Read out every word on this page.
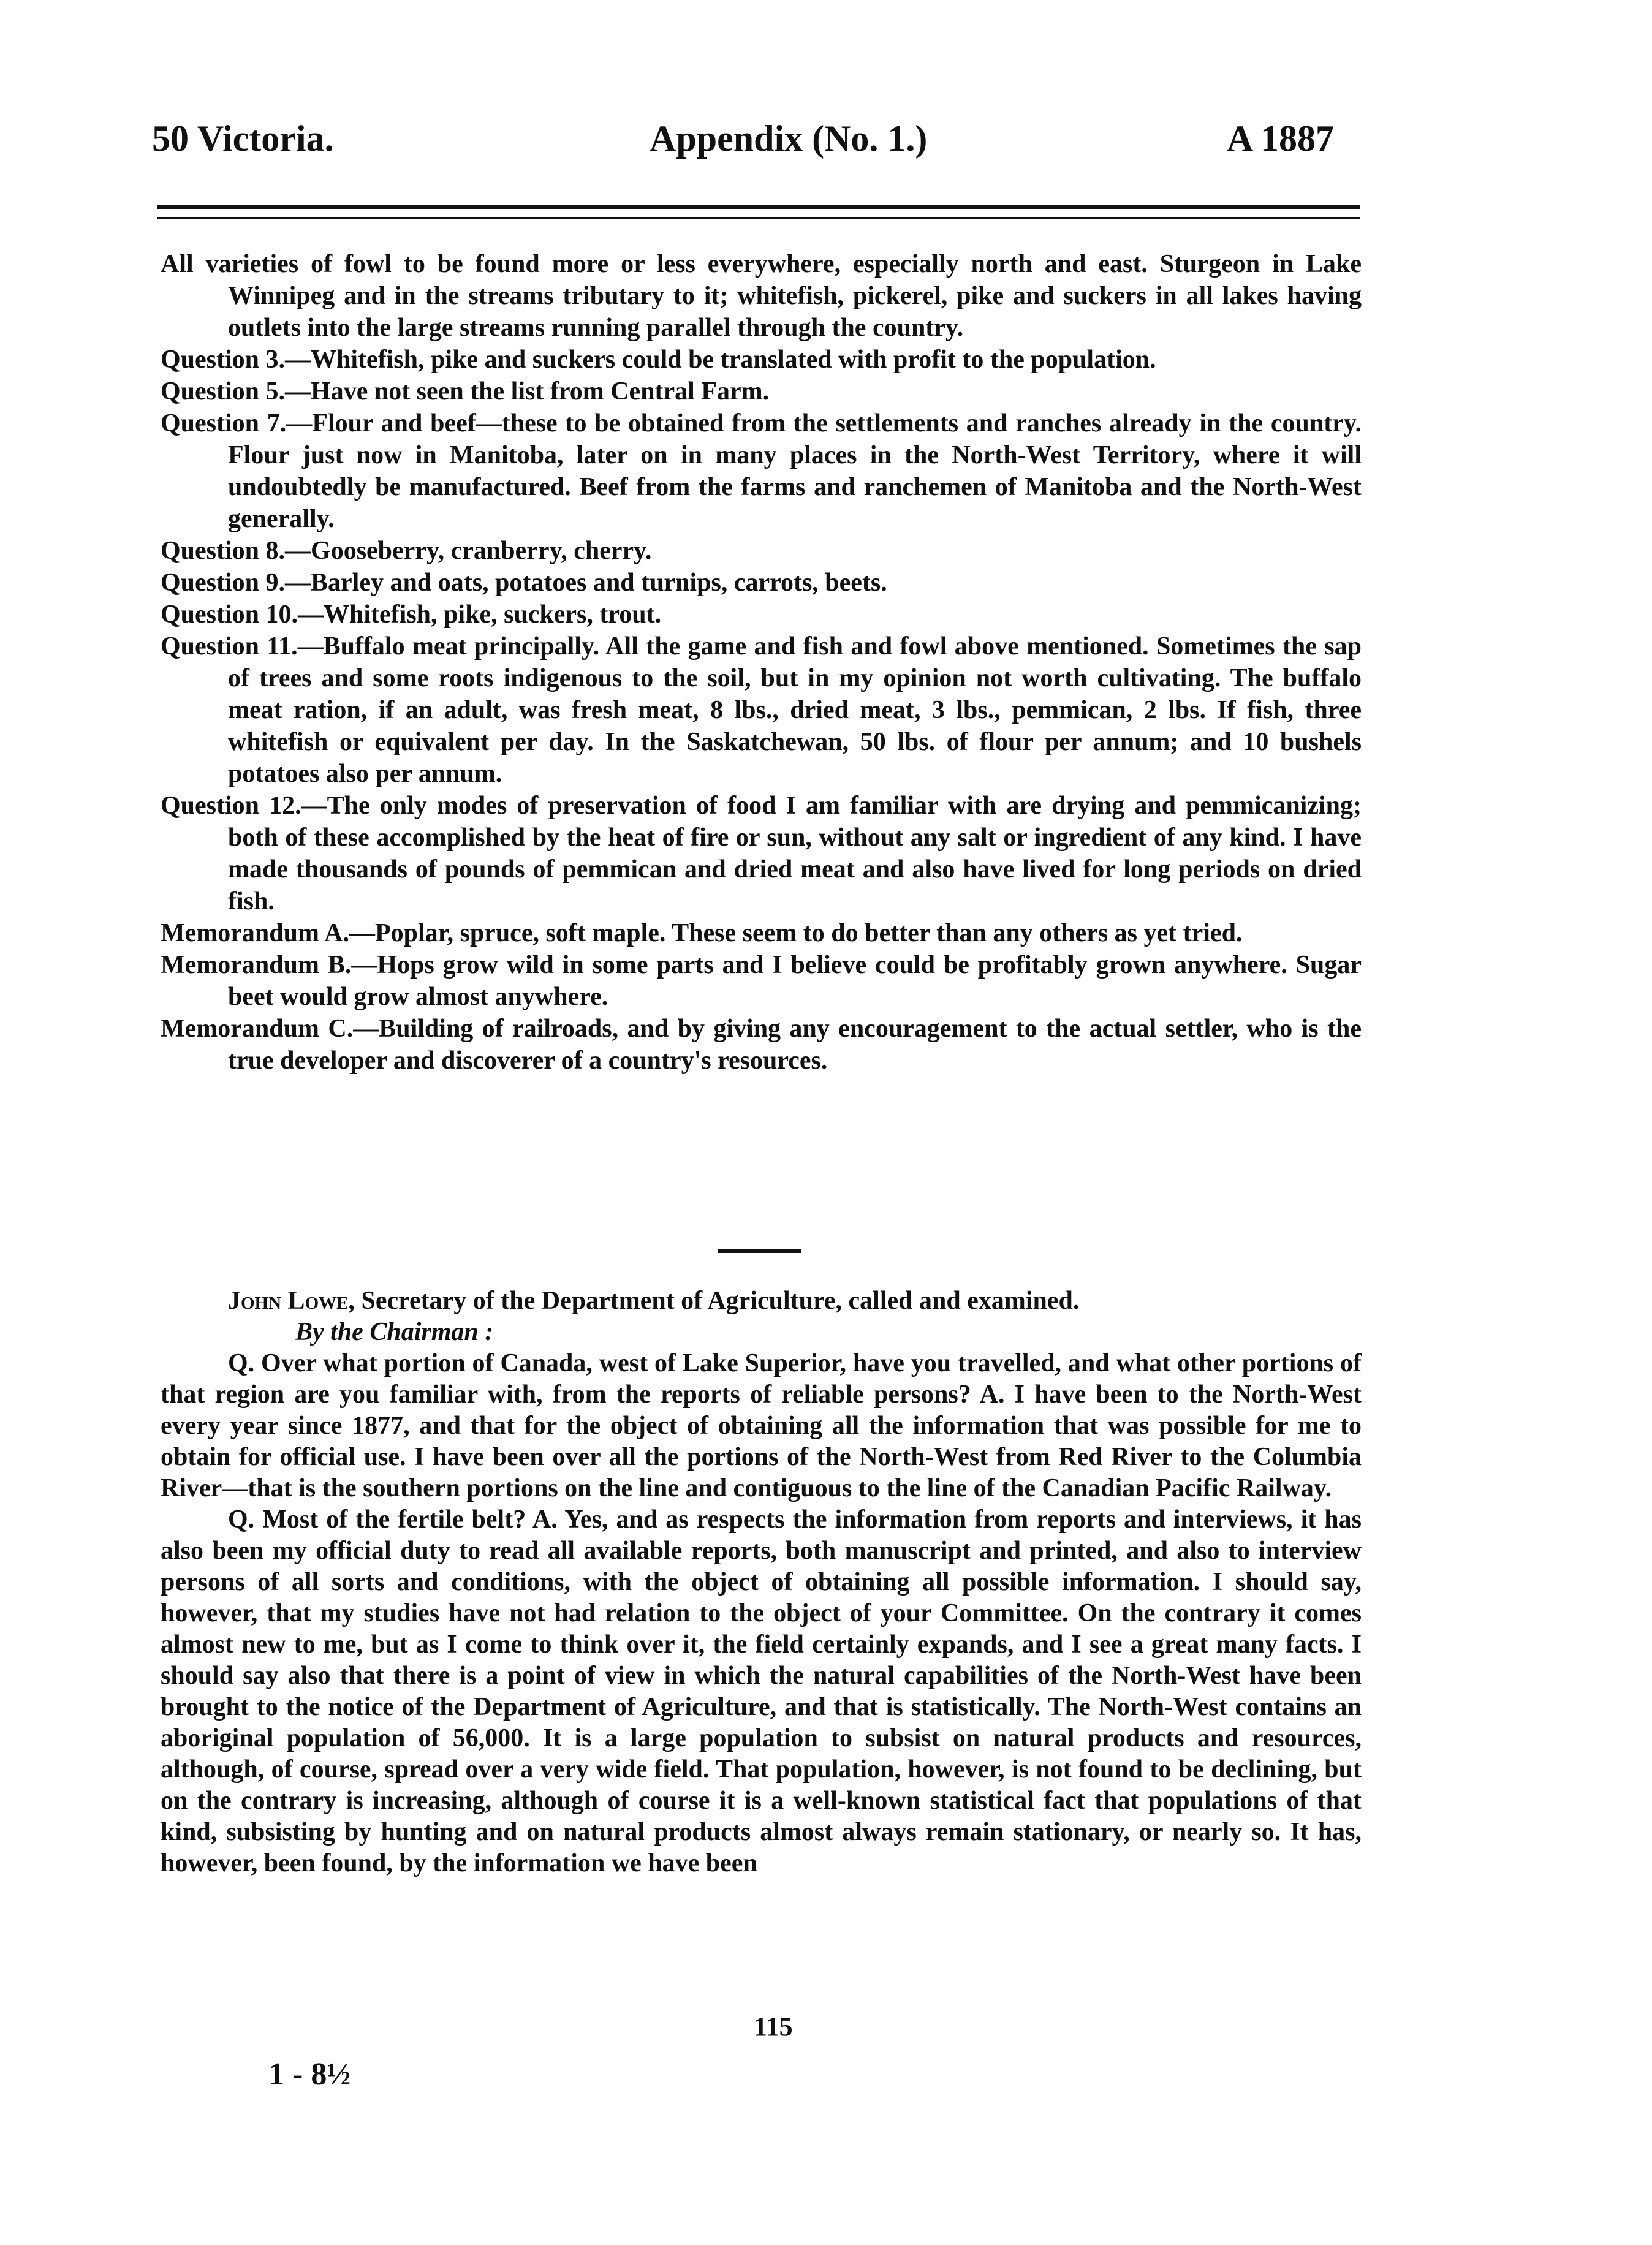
50 Victoria.	Appendix (No. 1.)	A 1887

All varieties of fowl to be found more or less everywhere, especially north and east. Sturgeon in Lake Winnipeg and in the streams tributary to it; whitefish, pickerel, pike and suckers in all lakes having outlets into the large streams running parallel through the country.

Question 3.—Whitefish, pike and suckers could be translated with profit to the population.

Question 5.—Have not seen the list from Central Farm.

Question 7.—Flour and beef—these to be obtained from the settlements and ranches already in the country. Flour just now in Manitoba, later on in many places in the North-West Territory, where it will undoubtedly be manufactured. Beef from the farms and ranchemen of Manitoba and the North-West generally.

Question 8.—Gooseberry, cranberry, cherry.

Question 9.—Barley and oats, potatoes and turnips, carrots, beets.

Question 10.—Whitefish, pike, suckers, trout.

Question 11.—Buffalo meat principally. All the game and fish and fowl above mentioned. Sometimes the sap of trees and some roots indigenous to the soil, but in my opinion not worth cultivating. The buffalo meat ration, if an adult, was fresh meat, 8 lbs., dried meat, 3 lbs., pemmican, 2 lbs. If fish, three whitefish or equivalent per day. In the Saskatchewan, 50 lbs. of flour per annum; and 10 bushels potatoes also per annum.

Question 12.—The only modes of preservation of food I am familiar with are drying and pemmicanizing; both of these accomplished by the heat of fire or sun, without any salt or ingredient of any kind. I have made thousands of pounds of pemmican and dried meat and also have lived for long periods on dried fish.

Memorandum A.—Poplar, spruce, soft maple. These seem to do better than any others as yet tried.

Memorandum B.—Hops grow wild in some parts and I believe could be profitably grown anywhere. Sugar beet would grow almost anywhere.

Memorandum C.—Building of railroads, and by giving any encouragement to the actual settler, who is the true developer and discoverer of a country's resources.

John Lowe, Secretary of the Department of Agriculture, called and examined.

By the Chairman :

Q. Over what portion of Canada, west of Lake Superior, have you travelled, and what other portions of that region are you familiar with, from the reports of reliable persons? A. I have been to the North-West every year since 1877, and that for the object of obtaining all the information that was possible for me to obtain for official use. I have been over all the portions of the North-West from Red River to the Columbia River—that is the southern portions on the line and contiguous to the line of the Canadian Pacific Railway.

Q. Most of the fertile belt? A. Yes, and as respects the information from reports and interviews, it has also been my official duty to read all available reports, both manuscript and printed, and also to interview persons of all sorts and conditions, with the object of obtaining all possible information. I should say, however, that my studies have not had relation to the object of your Committee. On the contrary it comes almost new to me, but as I come to think over it, the field certainly expands, and I see a great many facts. I should say also that there is a point of view in which the natural capabilities of the North-West have been brought to the notice of the Department of Agriculture, and that is statistically. The North-West contains an aboriginal population of 56,000. It is a large population to subsist on natural products and resources, although, of course, spread over a very wide field. That population, however, is not found to be declining, but on the contrary is increasing, although of course it is a well-known statistical fact that populations of that kind, subsisting by hunting and on natural products almost always remain stationary, or nearly so. It has, however, been found, by the information we have been

115
1 - 8½
